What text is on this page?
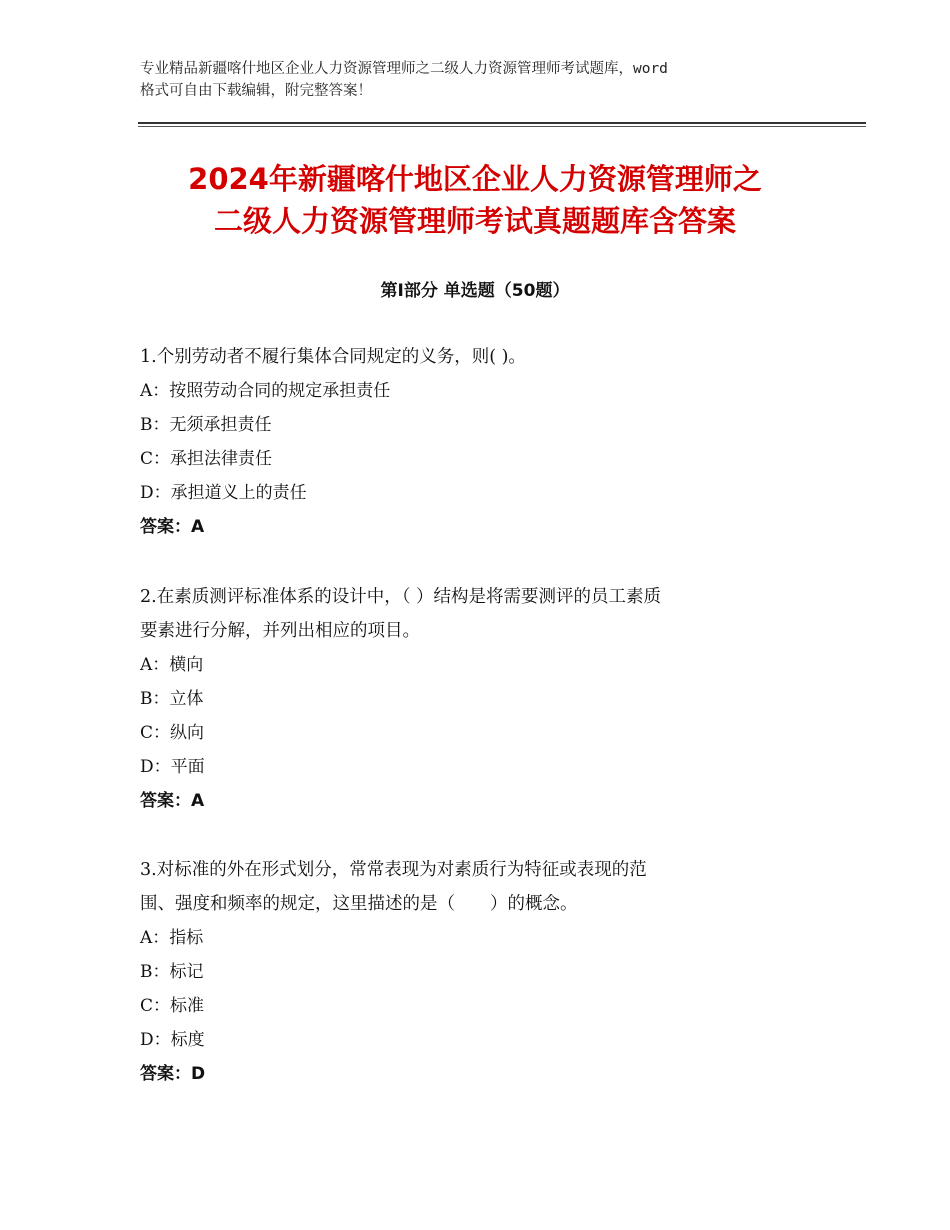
专业精品新疆喀什地区企业人力资源管理师之二级人力资源管理师考试题库，word
格式可自由下载编辑，附完整答案！
2024年新疆喀什地区企业人力资源管理师之
二级人力资源管理师考试真题题库含答案
第Ⅰ部分 单选题（50题）

1.个别劳动者不履行集体合同规定的义务，则( )。

A：按照劳动合同的规定承担责任

B：无须承担责任

C：承担法律责任

D：承担道义上的责任

答案：A

2.在素质测评标准体系的设计中，（ ）结构是将需要测评的员工素质

要素进行分解，并列出相应的项目。

A：横向

B：立体

C：纵向

D：平面

答案：A

3.对标准的外在形式划分，常常表现为对素质行为特征或表现的范

围、强度和频率的规定，这里描述的是（　　）的概念。

A：指标

B：标记

C：标准

D：标度

答案：D
